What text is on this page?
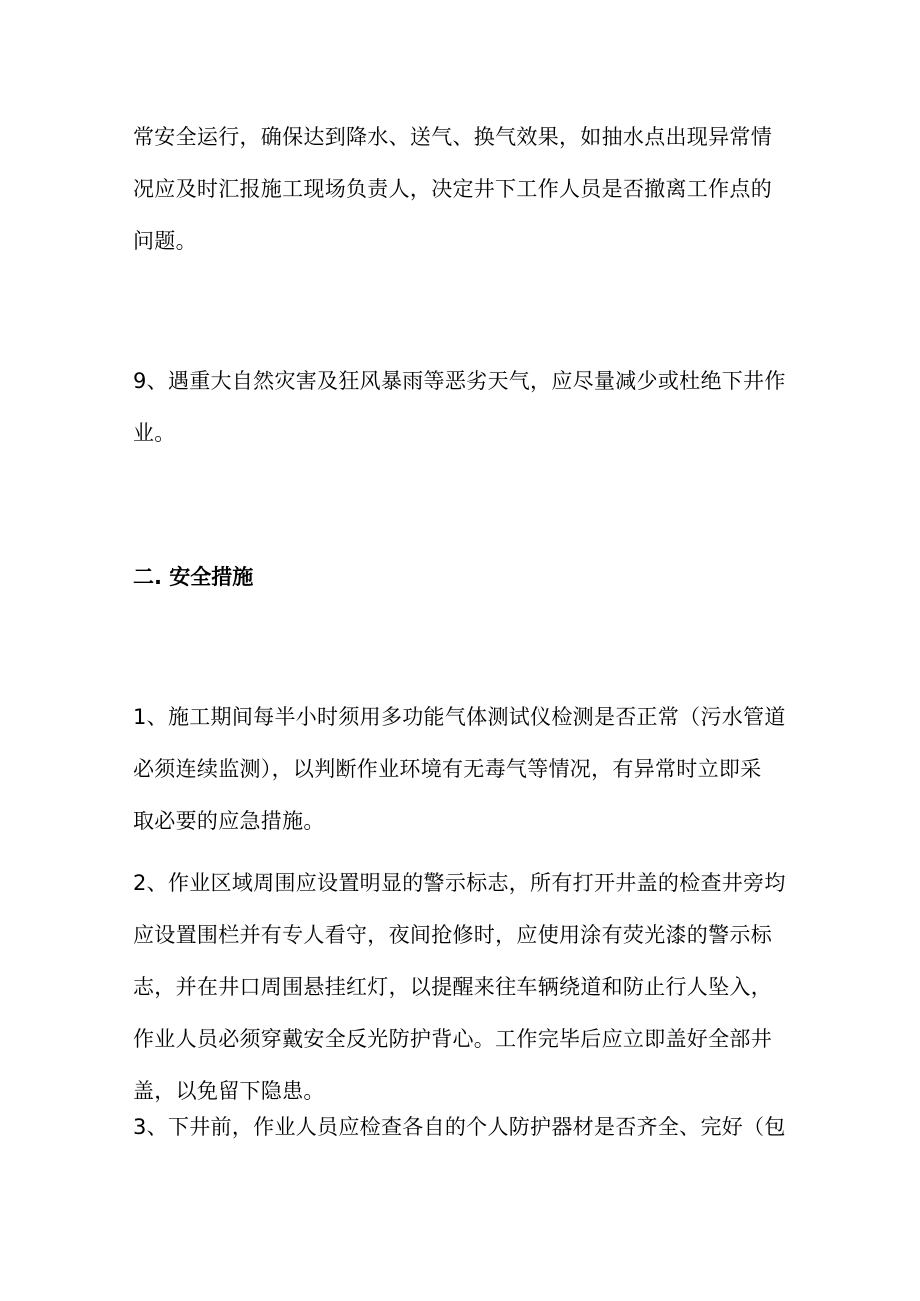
常安全运行，确保达到降水、送气、换气效果，如抽水点出现异常情
况应及时汇报施工现场负责人，决定井下工作人员是否撤离工作点的
问题。
9、遇重大自然灾害及狂风暴雨等恶劣天气，应尽量减少或杜绝下井作
业。
二. 安全措施
1、施工期间每半小时须用多功能气体测试仪检测是否正常（污水管道
必须连续监测），以判断作业环境有无毒气等情况，有异常时立即采
取必要的应急措施。
2、作业区域周围应设置明显的警示标志，所有打开井盖的检查井旁均
应设置围栏并有专人看守，夜间抢修时，应使用涂有荧光漆的警示标
志，并在井口周围悬挂红灯，以提醒来往车辆绕道和防止行人坠入，
作业人员必须穿戴安全反光防护背心。工作完毕后应立即盖好全部井
盖，以免留下隐患。
3、下井前，作业人员应检查各自的个人防护器材是否齐全、完好（包
